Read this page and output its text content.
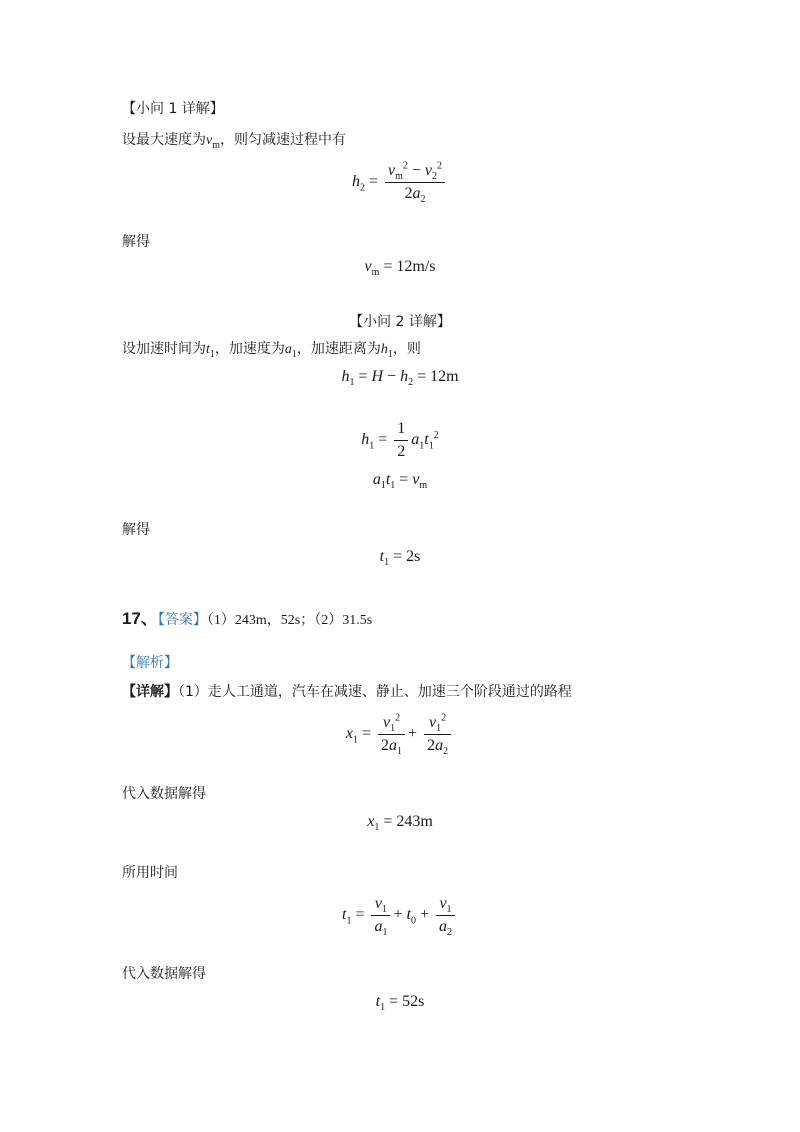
【小问 1 详解】
设最大速度为$v_m$，则匀减速过程中有
$h_2 = \frac{v_m^2 - v_2^2}{2a_2}$
解得
$v_m = 12m/s$
【小问 2 详解】
设加速时间为$t_1$，加速度为$a_1$，加速距离为$h_1$，则
$h_1 = H - h_2 = 12m$
$h_1 = \frac{1}{2} a_1t_1^2$
$a_1t_1 = v_m$
解得
$t_1 = 2s$
17、【答案】（1）243m，52s；（2）31.5s
【解析】
【详解】（1）走人工通道，汽车在减速、静止、加速三个阶段通过的路程
$x_1 = \frac{v_1^2}{2a_1} + \frac{v_1^2}{2a_2}$
代入数据解得
$x_1 = 243m$
所用时间
$t_1 = \frac{v_1}{a_1} + t_0 + \frac{v_1}{a_2}$
代入数据解得
$t_1 = 52s$
